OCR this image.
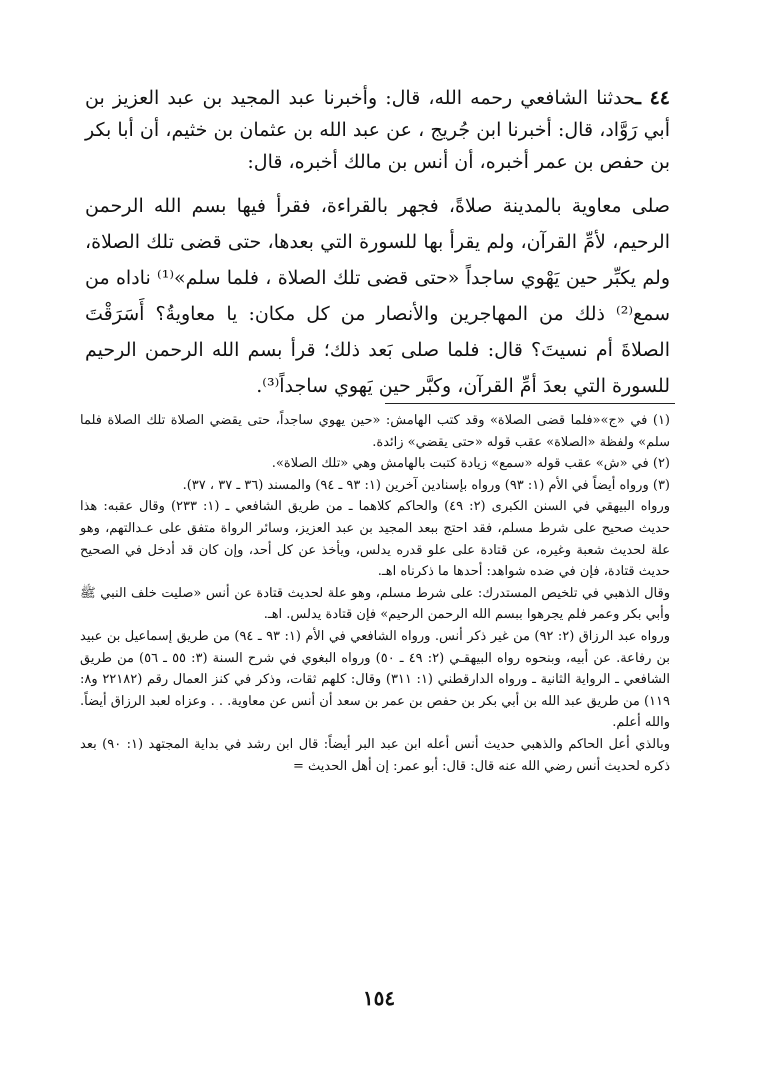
٤٤ ـحدثنا الشافعي رحمه الله، قال: وأخبرنا عبد المجيد بن عبد العزيز بن أبي رَوَّاد، قال: أخبرنا ابن جُريج ، عن عبد الله بن عثمان بن خثيم، أن أبا بكر بن حفص بن عمر أخبره، أن أنس بن مالك أخبره، قال:

صلى معاوية بالمدينة صلاةً، فجهر بالقراءة، فقرأ فيها بسم الله الرحمن الرحيم، لأمِّ القرآن، ولم يقرأ بها للسورة التي بعدها، حتى قضى تلك الصلاة، ولم يكبِّر حين يَهْوي ساجداً «حتى قضى تلك الصلاة ، فلما سلم»⁽¹⁾ ناداه من سمع⁽²⁾ ذلك من المهاجرين والأنصار من كل مكان: يا معاويةُ؟ أَسَرَقْتَ الصلاةَ أم نسيتَ؟ قال: فلما صلى بَعد ذلك؛ قرأ بسم الله الرحمن الرحيم للسورة التي بعدَ أمِّ القرآن، وكبَّر حين يَهوي ساجداً⁽³⁾.

(١) في «ج»«فلما قضى الصلاة» وقد كتب الهامش: «حين يهوي ساجداً، حتى يقضي الصلاة تلك الصلاة فلما سلم» ولفظة «الصلاة» عقب قوله «حتى يقضي» زائدة.

(٢) في «ش» عقب قوله «سمع» زيادة كتبت بالهامش وهي «تلك الصلاة».

(٣) ورواه أيضاً في الأم (١: ٩٣) ورواه بإسنادين آخرين (١: ٩٣ ـ ٩٤) والمسند (٣٦ ـ ٣٧ ، ٣٧).

ورواه البيهقي في السنن الكبرى (٢: ٤٩) والحاكم كلاهما ـ من طريق الشافعي ـ (١: ٢٣٣) وقال عقبه: هذا حديث صحيح على شرط مسلم، فقد احتج ببعد المجيد بن عبد العزيز، وسائر الرواة متفق على عـدالتهم، وهو علة لحديث شعبة وغيره، عن قتادة على علو قدره يدلس، ويأخذ عن كل أحد، وإن كان قد أدخل في الصحيح حديث قتادة، فإن في ضده شواهد: أحدها ما ذكرناه اهـ.

وقال الذهبي في تلخيص المستدرك: على شرط مسلم، وهو علة لحديث قتادة عن أنس «صليت خلف النبي ﷺ وأبي بكر وعمر فلم يجرهوا ببسم الله الرحمن الرحيم» فإن قتادة يدلس. اهـ.

ورواه عبد الرزاق (٢: ٩٢) من غير ذكر أنس. ورواه الشافعي في الأم (١: ٩٣ ـ ٩٤) من طريق إسماعيل بن عبيد بن رفاعة. عن أبيه، وبنحوه رواه البيهقـي (٢: ٤٩ ـ ٥٠) ورواه البغوي في شرح السنة (٣: ٥٥ ـ ٥٦) من طريق الشافعي ـ الرواية الثانية ـ ورواه الدارقطني (١: ٣١١) وقال: كلهم ثقات، وذكر في كنز العمال رقم (٢٢١٨٢ و٨: ١١٩) من طريق عبد الله بن أبي بكر بن حفص بن عمر بن سعد أن أنس عن معاوية. . . وعزاه لعبد الرزاق أيضاً. والله أعلم.

وبالذي أعل الحاكم والذهبي حديث أنس أعله ابن عبد البر أيضاً: قال ابن رشد في بداية المجتهد (١: ٩٠) بعد ذكره لحديث أنس رضي الله عنه قال: قال: أبو عمر: إن أهل الحديث =

١٥٤
